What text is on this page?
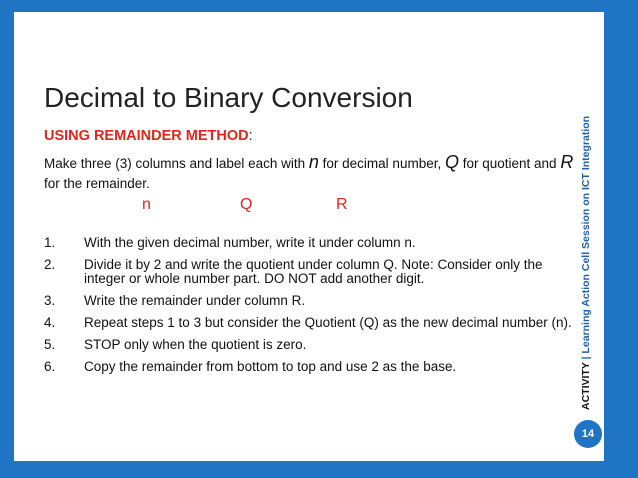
Decimal to Binary Conversion
USING REMAINDER METHOD:
Make three (3) columns and label each with n for decimal number, Q for quotient and R for the remainder.
n	Q	R
1.	With the given decimal number, write it under column n.
2.	Divide it by 2 and write the quotient under column Q. Note: Consider only the integer or whole number part. DO NOT add another digit.
3.	Write the remainder under column R.
4.	Repeat steps 1 to 3 but consider the Quotient (Q) as the new decimal number (n).
5.	STOP only when the quotient is zero.
6.	Copy the remainder from bottom to top and use 2 as the base.	ACTIVITY | Learning Action Cell Session on ICT Integration
14
